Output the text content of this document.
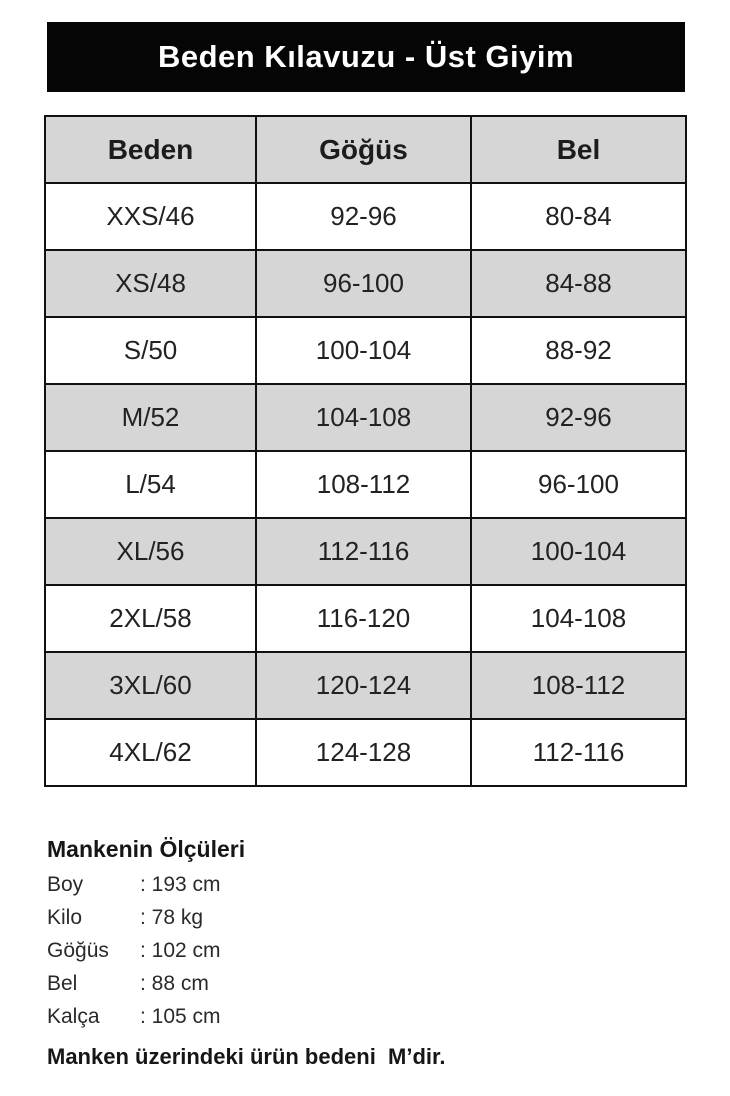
Beden Kılavuzu - Üst Giyim
Beden	Göğüs	Bel
XXS/46	92-96	80-84
XS/48	96-100	84-88
S/50	100-104	88-92
M/52	104-108	92-96
L/54	108-112	96-100
XL/56	112-116	100-104
2XL/58	116-120	104-108
3XL/60	120-124	108-112
4XL/62	124-128	112-116
Mankenin Ölçüleri
Boy	: 193 cm
Kilo	: 78 kg
Göğüs	: 102 cm
Bel	: 88 cm
Kalça	: 105 cm
Manken üzerindeki ürün bedeni  M’dir.
